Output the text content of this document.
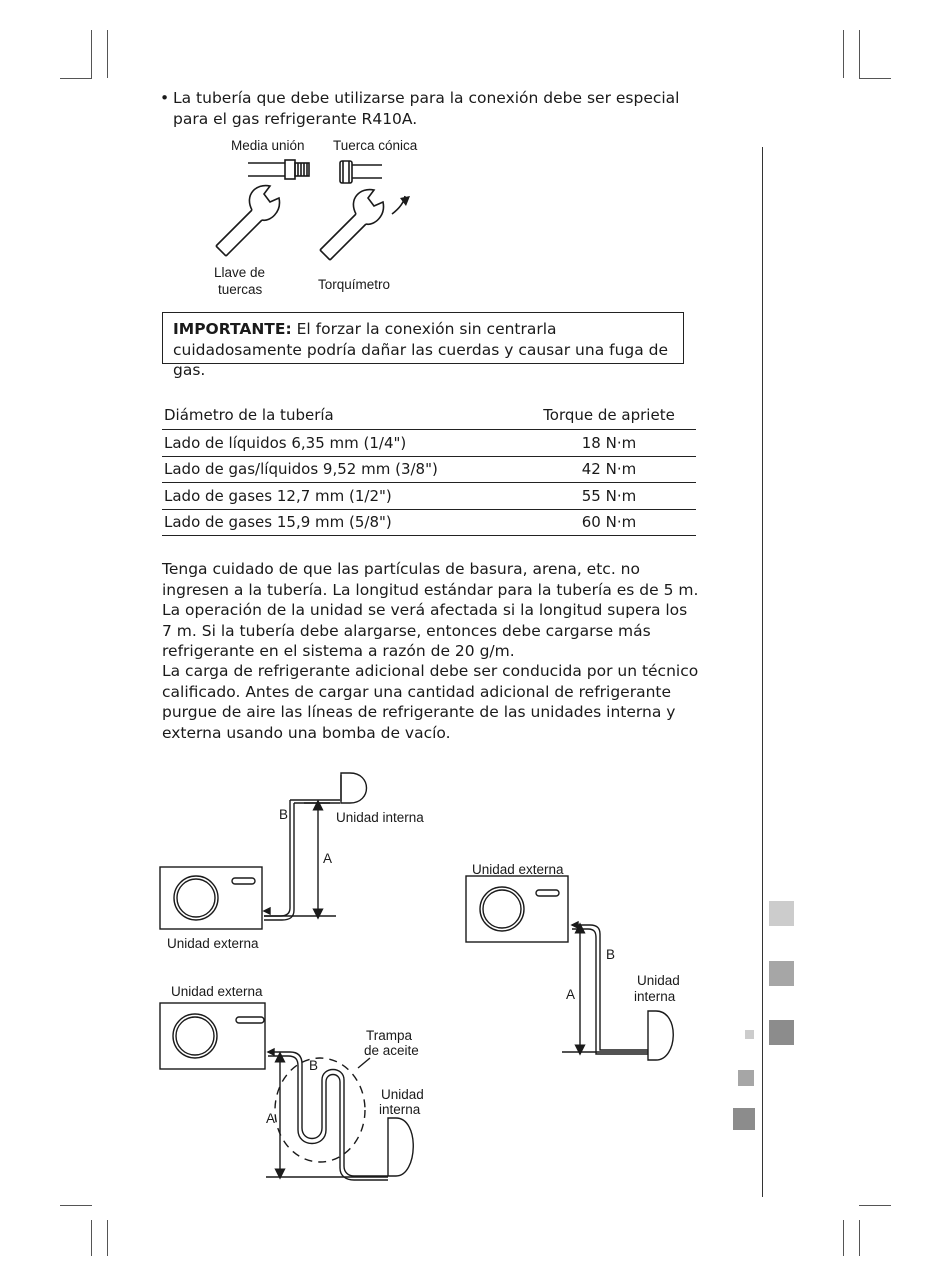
• La tubería que debe utilizarse para la conexión debe ser especial para el gas refrigerante R410A.
Media unión Tuerca cónica
Llave de
tuercas	Torquímetro
IMPORTANTE: El forzar la conexión sin centrarla cuidadosamente podría dañar las cuerdas y causar una fuga de gas.
Diámetro de la tubería	Torque de apriete
Lado de líquidos 6,35 mm (1/4")	18 N·m
Lado de gas/líquidos 9,52 mm (3/8")	42 N·m
Lado de gases 12,7 mm (1/2")	55 N·m
Lado de gases 15,9 mm (5/8")	60 N·m
Tenga cuidado de que las partículas de basura, arena, etc. no ingresen a la tubería. La longitud estándar para la tubería es de 5 m. La operación de la unidad se verá afectada si la longitud supera los 7 m. Si la tubería debe alargarse, entonces debe cargarse más refrigerante en el sistema a razón de 20 g/m.
La carga de refrigerante adicional debe ser conducida por un técnico calificado. Antes de cargar una cantidad adicional de refrigerante purgue de aire las líneas de refrigerante de las unidades interna y externa usando una bomba de vacío.
B
A
Unidad interna
Unidad externa
Unidad externa
B
A
Unidad
interna
Unidad externa
Trampa
de aceite
B
A
Unidad
interna
